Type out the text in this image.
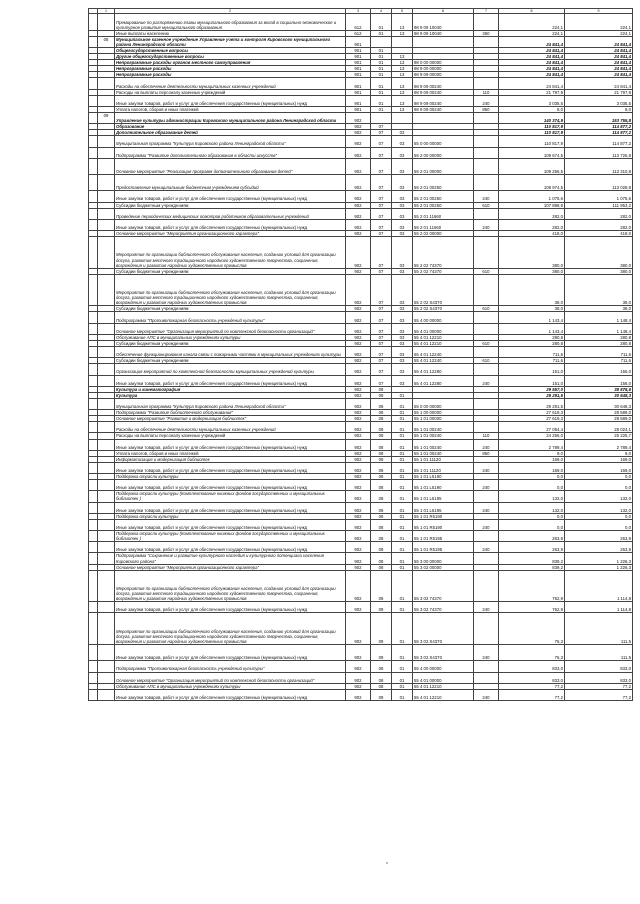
	1	2	3	4	5	6	7	8	9
		Премирование по распоряжению главы муниципального образования за вклад в социально-экономическое и культурное развитие муниципального образования	612	01	13	98 9 09 10040		224,1	224,1
		Иные выплаты населению	612	01	13	98 9 09 10040	360	224,1	224,1
	08	Муниципальное казенное учреждение Управление учета и контроля Кировского муниципального района Ленинградской области	901					24 841,4	24 841,4
		Общегосударственные вопросы	901	01				24 841,4	24 841,4
		Другие общегосударственные вопросы	901	01	13			24 841,4	24 841,4
		Непрограммные расходы органов местного самоуправления	901	01	13	98 0 00 00000		24 841,4	24 841,4
		Непрограммные расходы	901	01	13	98 9 00 00000		24 841,4	24 841,4
		Непрограммные расходы	901	01	13	98 9 09 00000		24 841,4	24 841,4
		Расходы на обеспечение деятельности муниципальных казенных учреждений	901	01	13	98 9 09 00240		24 841,4	24 841,4
		Расходы на выплаты персоналу казенных учреждений	901	01	13	98 9 09 00240	110	21 797,9	21 797,9
		Иные закупки товаров, работ и услуг для обеспечения государственных (муниципальных) нужд	901	01	13	98 9 09 00240	240	3 035,5	3 035,5
		Уплата налогов, сборов и иных платежей	901	01	13	98 9 09 00240	850	8,0	8,0
	09	Управление культуры администрации Кировского муниципального района Ленинградской области	902					140 374,9	153 755,8
		Образование	902	07				110 817,9	114 877,2
		Дополнительное образование детей	902	07	03			110 817,9	114 877,2
		Муниципальная программа "Культура Кировского района Ленинградской области"	902	07	03	55 0 00 00000		110 817,9	114 877,2
		Подпрограмма "Развитие дополнительного образования в области искусств"	902	07	03	55 2 00 00000		109 674,5	113 726,8
		Основное мероприятие "Реализация программ дополнительного образования детей"	902	07	03	55 2 01 00000		109 256,5	113 310,8
		Предоставление муниципальным бюджетным учреждениям субсидий	902	07	03	55 2 01 00250		108 974,5	113 028,8
		Иные закупки товаров, работ и услуг для обеспечения государственных (муниципальных) нужд	902	07	03	55 2 01 00250	240	1 075,6	1 075,6
		Субсидии бюджетным учреждениям	902	07	03	55 2 01 00250	610	107 898,9	111 953,2
		Проведение периодических медицинских осмотров работников образовательных учреждений	902	07	03	55 2 01 11660		282,0	282,0
		Иные закупки товаров, работ и услуг для обеспечения государственных (муниципальных) нужд	902	07	03	55 2 01 11660	240	282,0	282,0
		Основное мероприятие "Мероприятия организационного характера"	902	07	03	55 2 02 00000		418,0	418,0
		Мероприятия по организации библиотечного обслуживания населения, созданию условий для организации досуга, развития местного традиционного народного художественного творчества, сохранения, возрождения и развития народных художественных промыслов	902	07	03	55 2 02 74370		380,0	380,0
		Субсидии бюджетным учреждениям	902	07	03	55 2 02 74370	610	380,0	380,0
		Мероприятия по организации библиотечного обслуживания населения, созданию условий для организации досуга, развития местного традиционного народного художественного творчества, сохранения, возрождения и развития народных художественных промыслов	902	07	03	55 2 02 S4370		38,0	38,0
		Субсидии бюджетным учреждениям	902	07	03	55 2 02 S4370	610	38,0	38,0
		Подпрограмма "Противопожарная безопасность учреждений культуры"	902	07	03	55 4 00 00000		1 143,4	1 148,4
		Основное мероприятие "Организация мероприятий по комплексной безопасности организаций"	902	07	03	55 4 01 00000		1 143,4	1 148,4
		Обслуживание АПС в муниципальных учреждениях культуры	902	07	03	55 4 01 12210		280,8	280,8
		Субсидии бюджетным учреждениям	902	07	03	55 4 01 12210	610	280,8	280,8
		Обеспечение функционирования канала связи с пожарными частями в муниципальных учреждениях культуры	902	07	03	55 4 01 12240		711,6	711,6
		Субсидии бюджетным учреждениям	902	07	03	55 4 01 12240	610	711,6	711,6
		Организация мероприятий по комплексной безопасности муниципальных учреждений культуры	902	07	03	55 4 01 12280		151,0	156,0
		Иные закупки товаров, работ и услуг для обеспечения государственных (муниципальных) нужд	902	07	03	55 4 01 12280	240	151,0	156,0
		Культура и кинематография	902	08				29 557,0	38 878,6
		Культура	902	08	01			29 291,5	30 648,3
		Муниципальная программа "Культура Кировского района Ленинградской области"	902	08	01	55 0 00 00000		29 291,5	30 648,3
		Подпрограмма "Развитие библиотечного обслуживания"	902	08	01	55 1 00 00000		27 619,3	28 589,0
		Основное мероприятие "Развитие и модернизация библиотек"	902	08	01	55 1 01 00000		27 619,3	28 589,0
		Расходы на обеспечение деятельности муниципальных казенных учреждений	902	08	01	55 1 01 00240		27 054,4	28 024,1
		Расходы на выплаты персоналу казенных учреждений	902	08	01	55 1 01 00240	110	24 256,0	25 225,7
		Иные закупки товаров, работ и услуг для обеспечения государственных (муниципальных) нужд	902	08	01	55 1 01 00240	240	2 789,4	2 789,4
		Уплата налогов, сборов и иных платежей	902	08	01	55 1 01 00240	850	9,0	9,0
		Информатизация и модернизация библиотек	902	08	01	55 1 01 11120		169,0	169,0
		Иные закупки товаров, работ и услуг для обеспечения государственных (муниципальных) нужд	902	08	01	55 1 01 11120	240	169,0	169,0
		Поддержка отрасли культуры	902	08	01	55 1 01 L5190		0,0	0,0
		Иные закупки товаров, работ и услуг для обеспечения государственных (муниципальных) нужд	902	08	01	55 1 01 L5190	240	0,0	0,0
		Поддержка отрасли культуры (Комплектование книжных фондов государственных и муниципальных библиотек )	902	08	01	55 1 01 L5195		132,0	132,0
		Иные закупки товаров, работ и услуг для обеспечения государственных (муниципальных) нужд	902	08	01	55 1 01 L5195	240	132,0	132,0
		Поддержка отрасли культуры	902	08	01	55 1 01 R5190		0,0	0,0
		Иные закупки товаров, работ и услуг для обеспечения государственных (муниципальных) нужд	902	08	01	55 1 01 R5190	240	0,0	0,0
		Поддержка отрасли культуры (Комплектование книжных фондов государственных и муниципальных библиотек )	902	08	01	55 1 01 R5195		263,9	263,9
		Иные закупки товаров, работ и услуг для обеспечения государственных (муниципальных) нужд	902	08	01	55 1 01 R5195	240	263,9	263,9
		Подпрограмма "Сохранение и развитие культурного наследия и культурного потенциала населения Кировского района"	902	08	01	55 3 00 00000		839,2	1 226,3
		Основное мероприятие "Мероприятия организационного характера"	902	08	01	55 3 02 00000		839,2	1 226,3
		Мероприятия по организации библиотечного обслуживания населения, созданию условий для организации досуга, развития местного традиционного народного художественного творчества, сохранения, возрождения и развития народных художественных промыслов	902	08	01	55 3 02 74370		762,9	1 114,8
		Иные закупки товаров, работ и услуг для обеспечения государственных (муниципальных) нужд	902	08	01	55 3 02 74370	240	762,9	1 114,8
		Мероприятия по организации библиотечного обслуживания населения, созданию условий для организации досуга, развития местного традиционного народного художественного творчества, сохранения, возрождения и развития народных художественных промыслов	902	08	01	55 3 02 S4370		76,3	111,5
		Иные закупки товаров, работ и услуг для обеспечения государственных (муниципальных) нужд	902	08	01	55 3 02 S4370	240	76,3	111,5
		Подпрограмма "Противопожарная безопасность учреждений культуры"	902	08	01	55 4 00 00000		833,0	833,0
		Основное мероприятие "Организация мероприятий по комплексной безопасности организаций"	902	08	01	55 4 01 00000		833,0	833,0
		Обслуживание АПС в муниципальных учреждениях культуры	902	08	01	55 4 01 12210		77,2	77,2
		Иные закупки товаров, работ и услуг для обеспечения государственных (муниципальных) нужд	902	08	01	55 4 01 12210	240	77,2	77,2
